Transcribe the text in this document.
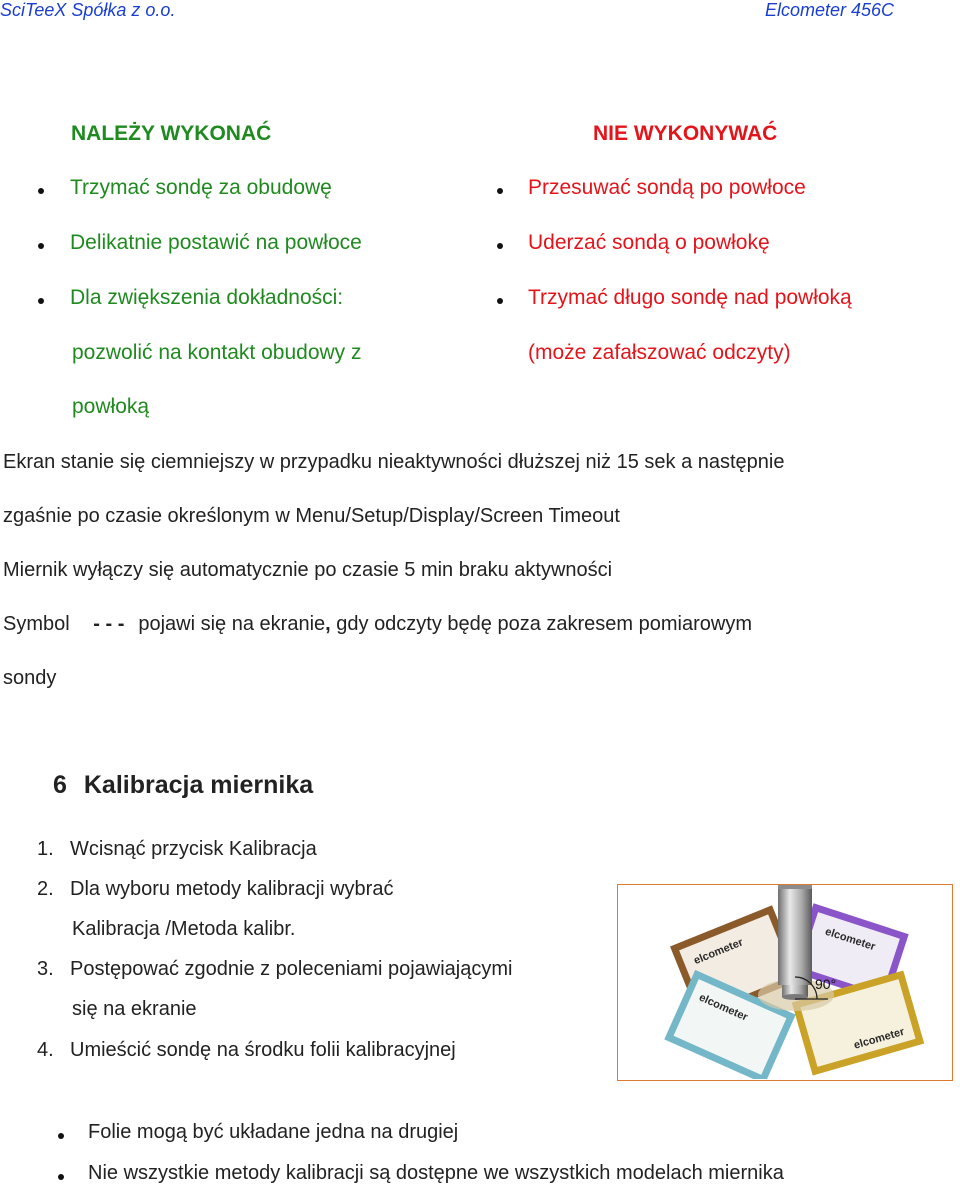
SciTeeX Spółka z o.o.	Elcometer 456C
NALEŻY WYKONAĆ
Trzymać sondę za obudowę
Delikatnie postawić na powłoce
Dla zwiększenia dokładności:
pozwolić na kontakt obudowy z
powłoką
NIE WYKONYWAĆ
Przesuwać sondą po powłoce
Uderzać sondą o powłokę
Trzymać długo sondę nad powłoką
(może zafałszować odczyty)
Ekran stanie się ciemniejszy w przypadku nieaktywności dłuższej niż 15 sek a następnie
zgaśnie po czasie określonym w Menu/Setup/Display/Screen Timeout
Miernik wyłączy się automatycznie po czasie 5 min braku aktywności
Symbol - - - pojawi się na ekranie, gdy odczyty będę poza zakresem pomiarowym
sondy
6 Kalibracja miernika
1. Wcisnąć przycisk Kalibracja
2. Dla wyboru metody kalibracji wybrać
Kalibracja /Metoda kalibr.
3. Postępować zgodnie z poleceniami pojawiającymi
się na ekranie
4. Umieścić sondę na środku folii kalibracyjnej
elcometer	elcometer
elcometer
elcometer
90°
Folie mogą być układane jedna na drugiej
Nie wszystkie metody kalibracji są dostępne we wszystkich modelach miernika
